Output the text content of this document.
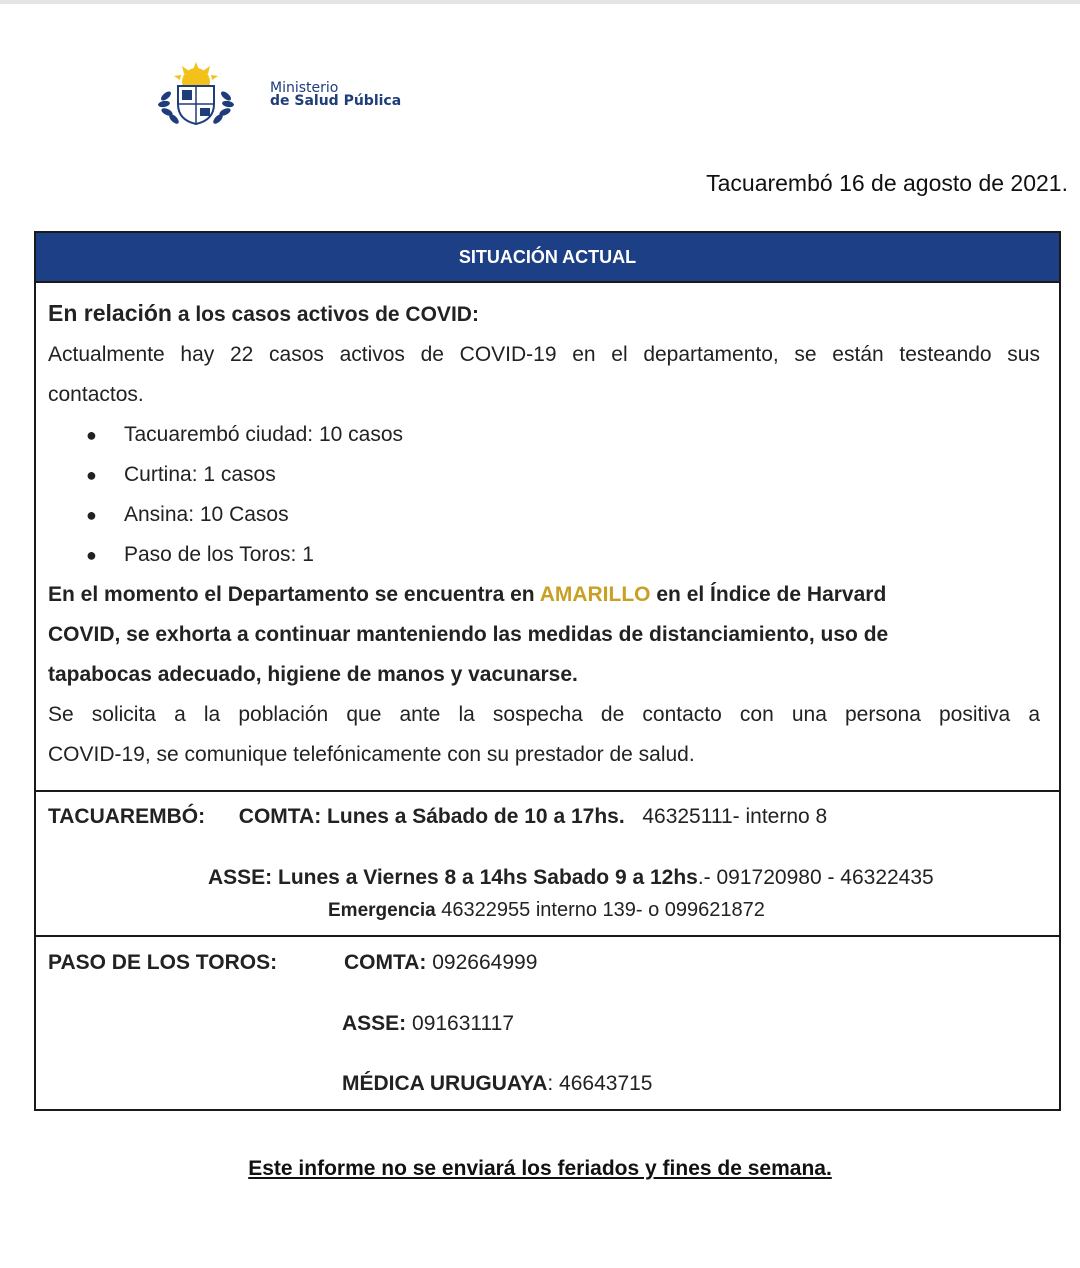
Ministerio
de Salud Pública
Tacuarembó 16 de agosto de 2021.
SITUACIÓN ACTUAL
En relación a los casos activos de COVID:
Actualmente hay 22 casos activos de COVID-19 en el departamento, se están testeando sus
contactos.
● Tacuarembó ciudad: 10 casos
● Curtina: 1 casos
● Ansina: 10 Casos
● Paso de los Toros: 1
En el momento el Departamento se encuentra en AMARILLO en el Índice de Harvard
COVID, se exhorta a continuar manteniendo las medidas de distanciamiento, uso de
tapabocas adecuado, higiene de manos y vacunarse.
Se solicita a la población que ante la sospecha de contacto con una persona positiva a
COVID-19, se comunique telefónicamente con su prestador de salud.
TACUAREMBÓ: COMTA: Lunes a Sábado de 10 a 17hs. 46325111- interno 8
ASSE: Lunes a Viernes 8 a 14hs Sabado 9 a 12hs.- 091720980 - 46322435
Emergencia 46322955 interno 139- o 099621872
PASO DE LOS TOROS:	COMTA: 092664999
ASSE: 091631117
MÉDICA URUGUAYA: 46643715
Este informe no se enviará los feriados y fines de semana.
